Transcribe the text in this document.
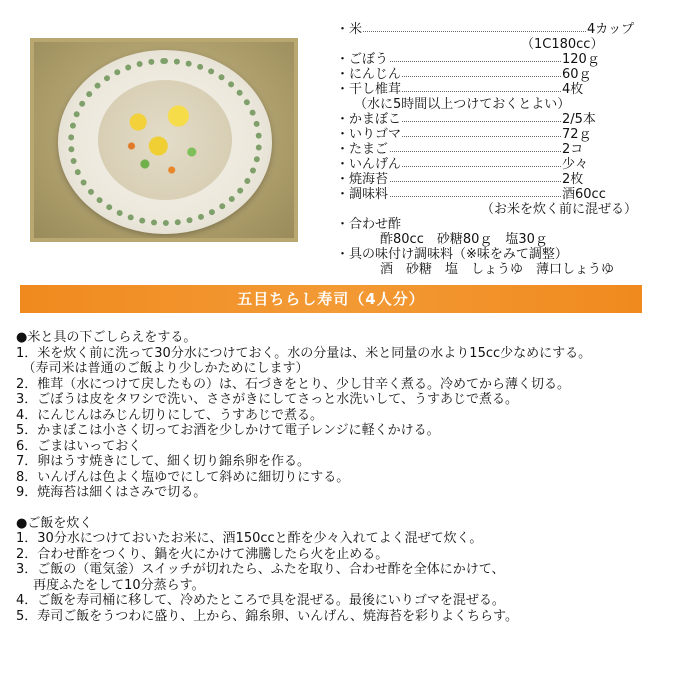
・米	4カップ
（1C180cc）
・ごぼう	120ｇ
・にんじん	60ｇ
・干し椎茸	4枚
（水に5時間以上つけておくとよい）
・かまぼこ	2/5本
・いりゴマ	72ｇ
・たまご	2コ
・いんげん	少々
・焼海苔	2枚
・調味料	酒60cc
（お米を炊く前に混ぜる）
・合わせ酢
酢80cc　砂糖80ｇ　塩30ｇ
・具の味付け調味料（※味をみて調整）
酒　砂糖　塩　しょうゆ　薄口しょうゆ
五目ちらし寿司（4人分）
●米と具の下ごしらえをする。
1．米を炊く前に洗って30分水につけておく。水の分量は、米と同量の水より15cc少なめにする。
　（寿司米は普通のご飯より少しかためにします）
2．椎茸（水につけて戻したもの）は、石づきをとり、少し甘辛く煮る。冷めてから薄く切る。
3．ごぼうは皮をタワシで洗い、ささがきにしてさっと水洗いして、うすあじで煮る。
4．にんじんはみじん切りにして、うすあじで煮る。
5．かまぼこは小さく切ってお酒を少しかけて電子レンジに軽くかける。
6．ごまはいっておく
7．卵はうす焼きにして、細く切り錦糸卵を作る。
8．いんげんは色よく塩ゆでにして斜めに細切りにする。
9．焼海苔は細くはさみで切る。
●ご飯を炊く
1．30分水につけておいたお米に、酒150ccと酢を少々入れてよく混ぜて炊く。
2．合わせ酢をつくり、鍋を火にかけて沸騰したら火を止める。
3．ご飯の（電気釜）スイッチが切れたら、ふたを取り、合わせ酢を全体にかけて、
　 再度ふたをして10分蒸らす。
4．ご飯を寿司桶に移して、冷めたところで具を混ぜる。最後にいりゴマを混ぜる。
5．寿司ご飯をうつわに盛り、上から、錦糸卵、いんげん、焼海苔を彩りよくちらす。
